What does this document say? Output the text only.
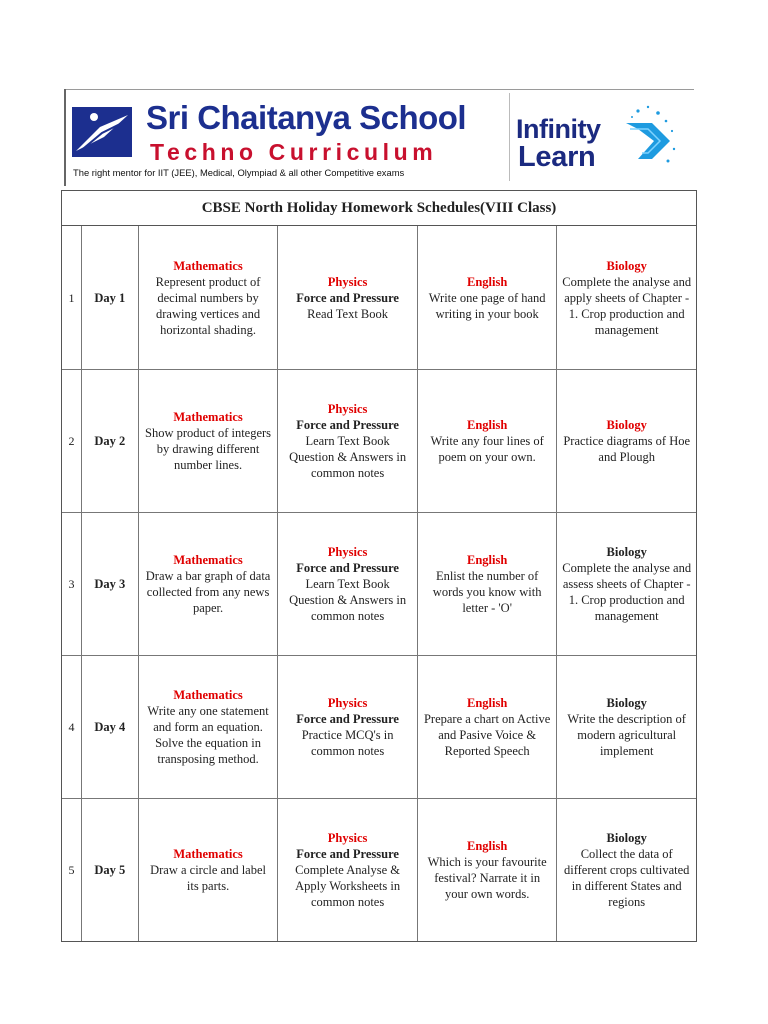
Sri Chaitanya School
Techno Curriculum
The right mentor for IIT (JEE), Medical, Olympiad & all other Competitive exams
Infinity
Learn
CBSE North Holiday Homework Schedules(VIII Class)
1	Day 1
Mathematics
Represent product of
decimal numbers by
drawing vertices and
horizontal shading.
Physics
Force and Pressure
Read Text Book
English
Write one page of hand
writing in your book
Biology
Complete the analyse and
apply sheets of Chapter -
1. Crop production and
management
2	Day 2
Mathematics
Show product of integers
by drawing different
number lines.
Physics
Force and Pressure
Learn Text Book
Question & Answers in
common notes
English
Write any four lines of
poem on your own.
Biology
Practice diagrams of Hoe
and Plough
3	Day 3
Mathematics
Draw a bar graph of data
collected from any news
paper.
Physics
Force and Pressure
Learn Text Book
Question & Answers in
common notes
English
Enlist the number of
words you know with
letter - 'O'
Biology
Complete the analyse and
assess sheets of Chapter -
1. Crop production and
management
4	Day 4
Mathematics
Write any one statement
and form an equation.
Solve the equation in
transposing method.
Physics
Force and Pressure
Practice MCQ's in
common notes
English
Prepare a chart on Active
and Pasive Voice &
Reported Speech
Biology
Write the description of
modern agricultural
implement
5	Day 5
Mathematics
Draw a circle and label
its parts.
Physics
Force and Pressure
Complete Analyse &
Apply Worksheets in
common notes
English
Which is your favourite
festival? Narrate it in
your own words.
Biology
Collect the data of
different crops cultivated
in different States and
regions
